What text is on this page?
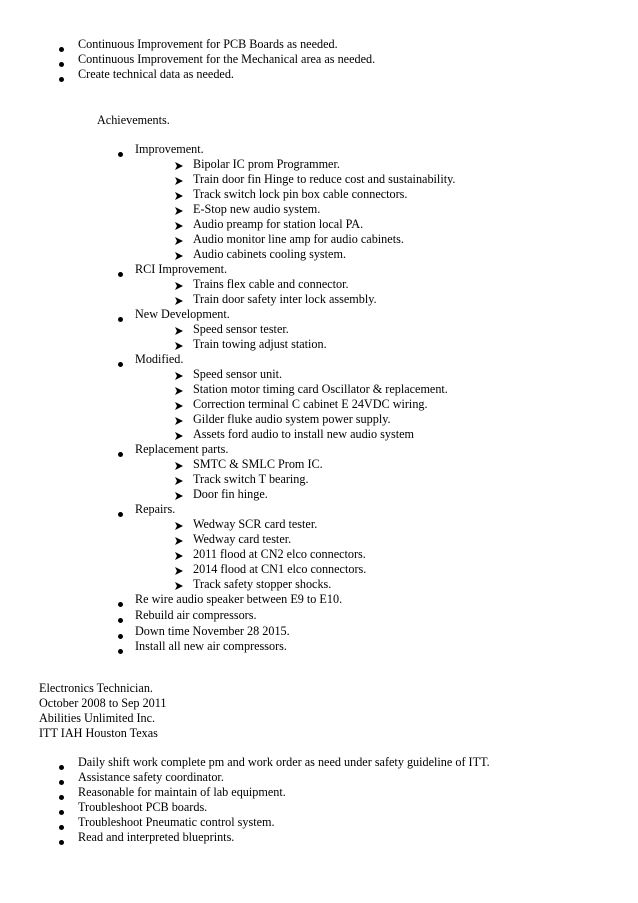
Continuous Improvement for PCB Boards as needed.
Continuous Improvement for the Mechanical area as needed.
Create technical data as needed.
Achievements.
Improvement.
Bipolar IC prom Programmer.
Train door fin Hinge to reduce cost and sustainability.
Track switch lock pin box cable connectors.
E-Stop new audio system.
Audio preamp for station local PA.
Audio monitor line amp for audio cabinets.
Audio cabinets cooling system.
RCI Improvement.
Trains flex cable and connector.
Train door safety inter lock assembly.
New Development.
Speed sensor tester.
Train towing adjust station.
Modified.
Speed sensor unit.
Station motor timing card Oscillator & replacement.
Correction terminal C cabinet E 24VDC wiring.
Gilder fluke audio system power supply.
Assets ford audio to install new audio system
Replacement parts.
SMTC & SMLC Prom IC.
Track switch T bearing.
Door fin hinge.
Repairs.
Wedway SCR card tester.
Wedway card tester.
2011 flood at CN2 elco connectors.
2014 flood at CN1 elco connectors.
Track safety stopper shocks.
Re wire audio speaker between E9 to E10.
Rebuild air compressors.
Down time November 28 2015.
Install all new air compressors.
Electronics Technician.
October 2008 to Sep 2011
Abilities Unlimited Inc.
ITT IAH Houston Texas
Daily shift work complete pm and work order as need under safety guideline of ITT.
Assistance safety coordinator.
Reasonable for maintain of lab equipment.
Troubleshoot PCB boards.
Troubleshoot Pneumatic control system.
Read and interpreted blueprints.
